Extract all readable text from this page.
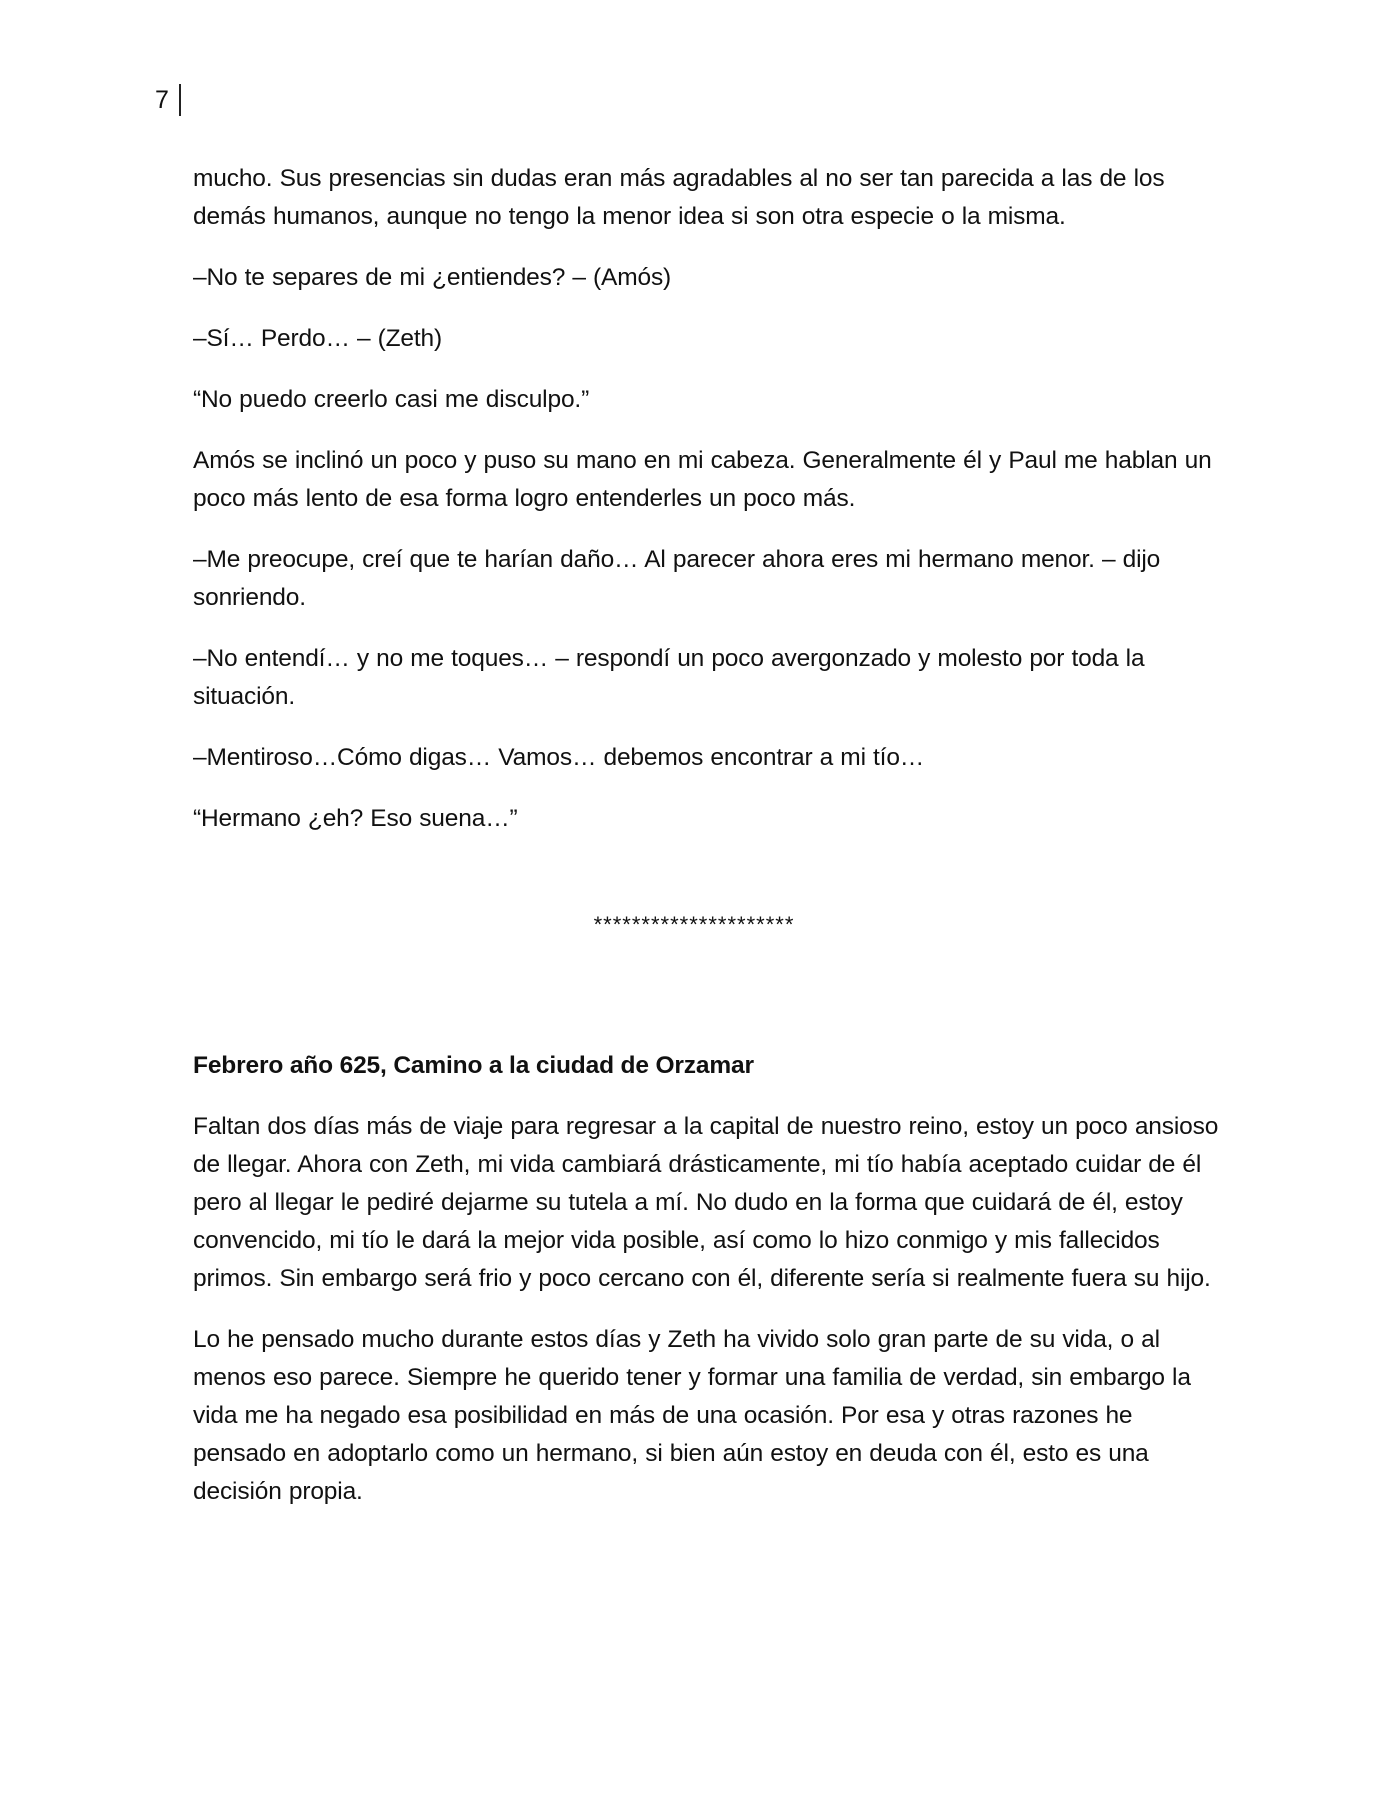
7

mucho. Sus presencias sin dudas eran más agradables al no ser tan parecida a las de los demás humanos, aunque no tengo la menor idea si son otra especie o la misma.

–No te separes de mi ¿entiendes? – (Amós)

–Sí… Perdo… – (Zeth)

“No puedo creerlo casi me disculpo.”

Amós se inclinó un poco y puso su mano en mi cabeza. Generalmente él y Paul me hablan un poco más lento de esa forma logro entenderles un poco más.

–Me preocupe, creí que te harían daño… Al parecer ahora eres mi hermano menor. – dijo sonriendo.

–No entendí… y no me toques… – respondí un poco avergonzado y molesto por toda la situación.

–Mentiroso…Cómo digas… Vamos… debemos encontrar a mi tío…

“Hermano ¿eh? Eso suena…”

*********************
Febrero año 625, Camino a la ciudad de Orzamar

Faltan dos días más de viaje para regresar a la capital de nuestro reino, estoy un poco ansioso de llegar. Ahora con Zeth, mi vida cambiará drásticamente, mi tío había aceptado cuidar de él pero al llegar le pediré dejarme su tutela a mí. No dudo en la forma que cuidará de él, estoy convencido, mi tío le dará la mejor vida posible, así como lo hizo conmigo y mis fallecidos primos. Sin embargo será frio y poco cercano con él, diferente sería si realmente fuera su hijo.

Lo he pensado mucho durante estos días y Zeth ha vivido solo gran parte de su vida, o al menos eso parece. Siempre he querido tener y formar una familia de verdad, sin embargo la vida me ha negado esa posibilidad en más de una ocasión. Por esa y otras razones he pensado en adoptarlo como un hermano, si bien aún estoy en deuda con él, esto es una decisión propia.
